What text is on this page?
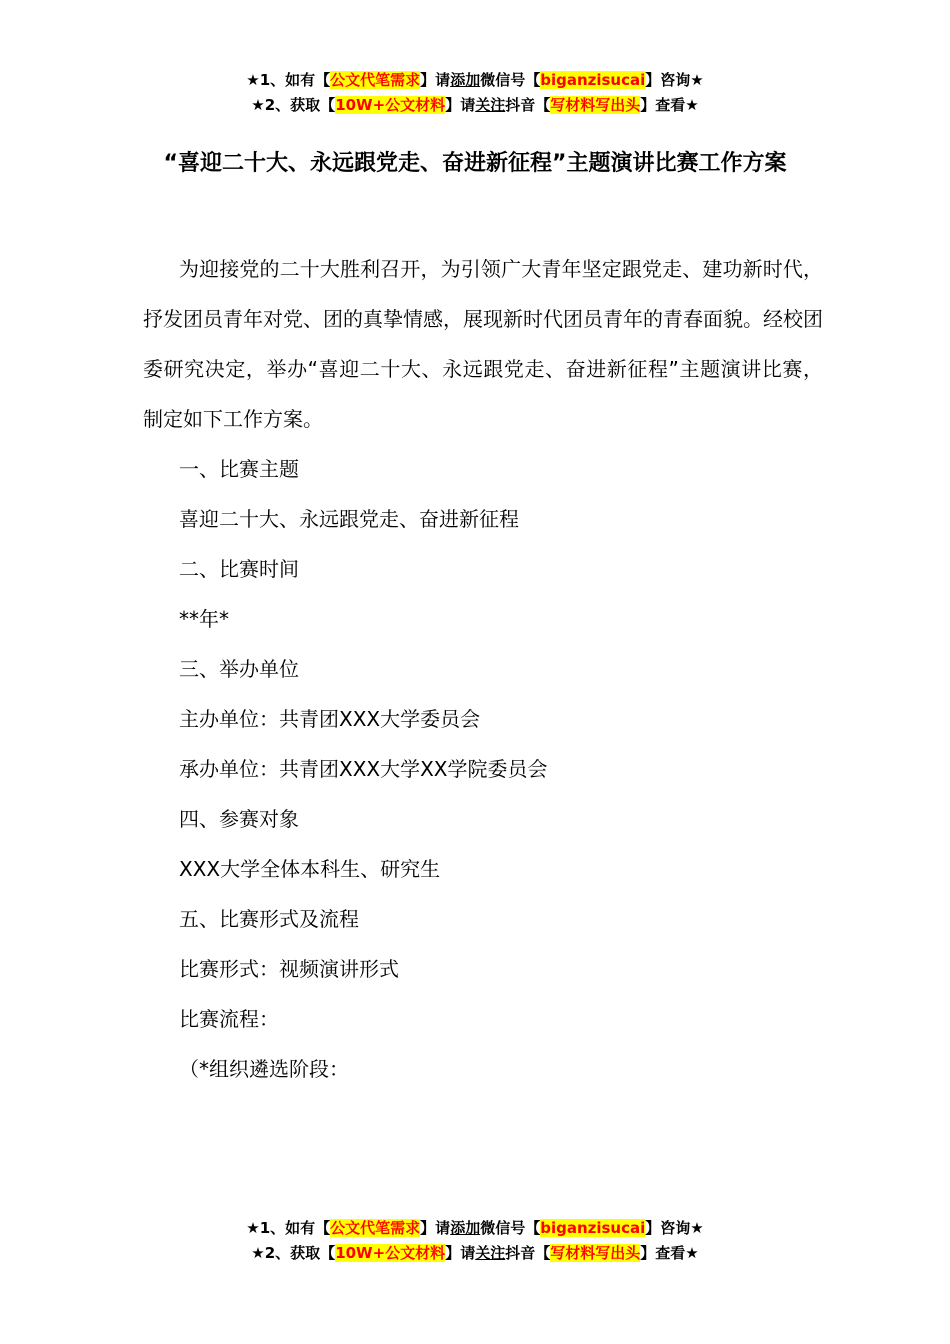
★1、如有【公文代笔需求】请添加微信号【biganzisucai】咨询★
★2、获取【10W+公文材料】请关注抖音【写材料写出头】查看★
“喜迎二十大、永远跟党走、奋进新征程”主题演讲比赛工作方案

为迎接党的二十大胜利召开，为引领广大青年坚定跟党走、建功新时代，抒发团员青年对党、团的真挚情感，展现新时代团员青年的青春面貌。经校团委研究决定，举办“喜迎二十大、永远跟党走、奋进新征程”主题演讲比赛，制定如下工作方案。

一、比赛主题

喜迎二十大、永远跟党走、奋进新征程

二、比赛时间

**年*

三、举办单位

主办单位：共青团XXX大学委员会

承办单位：共青团XXX大学XX学院委员会

四、参赛对象

XXX大学全体本科生、研究生

五、比赛形式及流程

比赛形式：视频演讲形式

比赛流程：

（*组织遴选阶段：

★1、如有【公文代笔需求】请添加微信号【biganzisucai】咨询★
★2、获取【10W+公文材料】请关注抖音【写材料写出头】查看★
